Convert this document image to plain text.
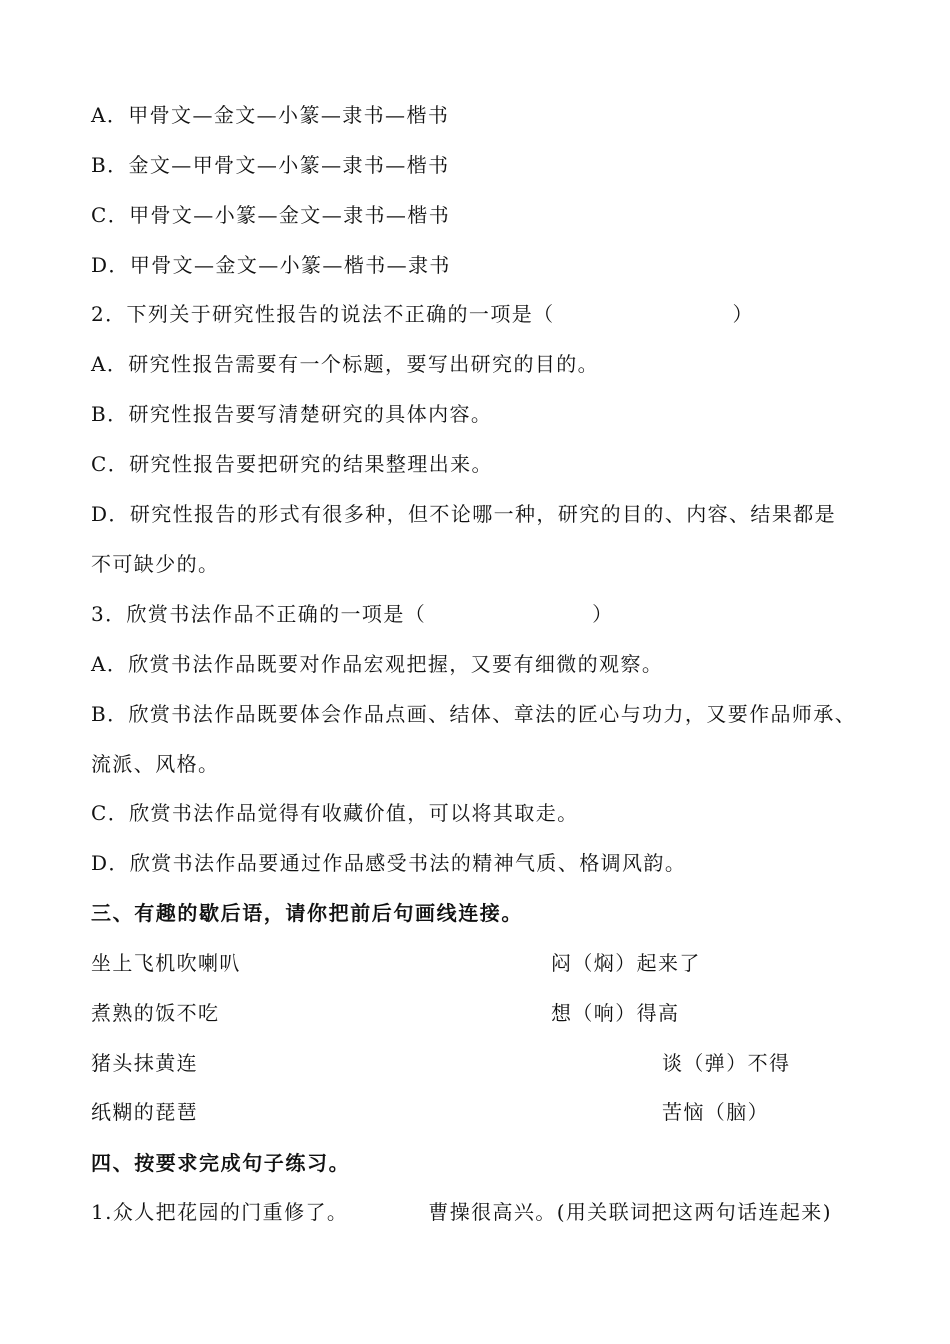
A．甲骨文—金文—小篆—隶书—楷书
B．金文—甲骨文—小篆—隶书—楷书
C．甲骨文—小篆—金文—隶书—楷书
D．甲骨文—金文—小篆—楷书—隶书
2．下列关于研究性报告的说法不正确的一项是（	）
A．研究性报告需要有一个标题，要写出研究的目的。
B．研究性报告要写清楚研究的具体内容。
C．研究性报告要把研究的结果整理出来。
D．研究性报告的形式有很多种，但不论哪一种，研究的目的、内容、结果都是
不可缺少的。
3．欣赏书法作品不正确的一项是（	）
A．欣赏书法作品既要对作品宏观把握，又要有细微的观察。
B．欣赏书法作品既要体会作品点画、结体、章法的匠心与功力，又要作品师承、
流派、风格。
C．欣赏书法作品觉得有收藏价值，可以将其取走。
D．欣赏书法作品要通过作品感受书法的精神气质、格调风韵。
三、有趣的歇后语，请你把前后句画线连接。
坐上飞机吹喇叭	闷（焖）起来了
煮熟的饭不吃	想（响）得高
猪头抹黄连	谈（弹）不得
纸糊的琵琶	苦恼（脑）
四、按要求完成句子练习。
1.众人把花园的门重修了。	曹操很高兴。(用关联词把这两句话连起来)
